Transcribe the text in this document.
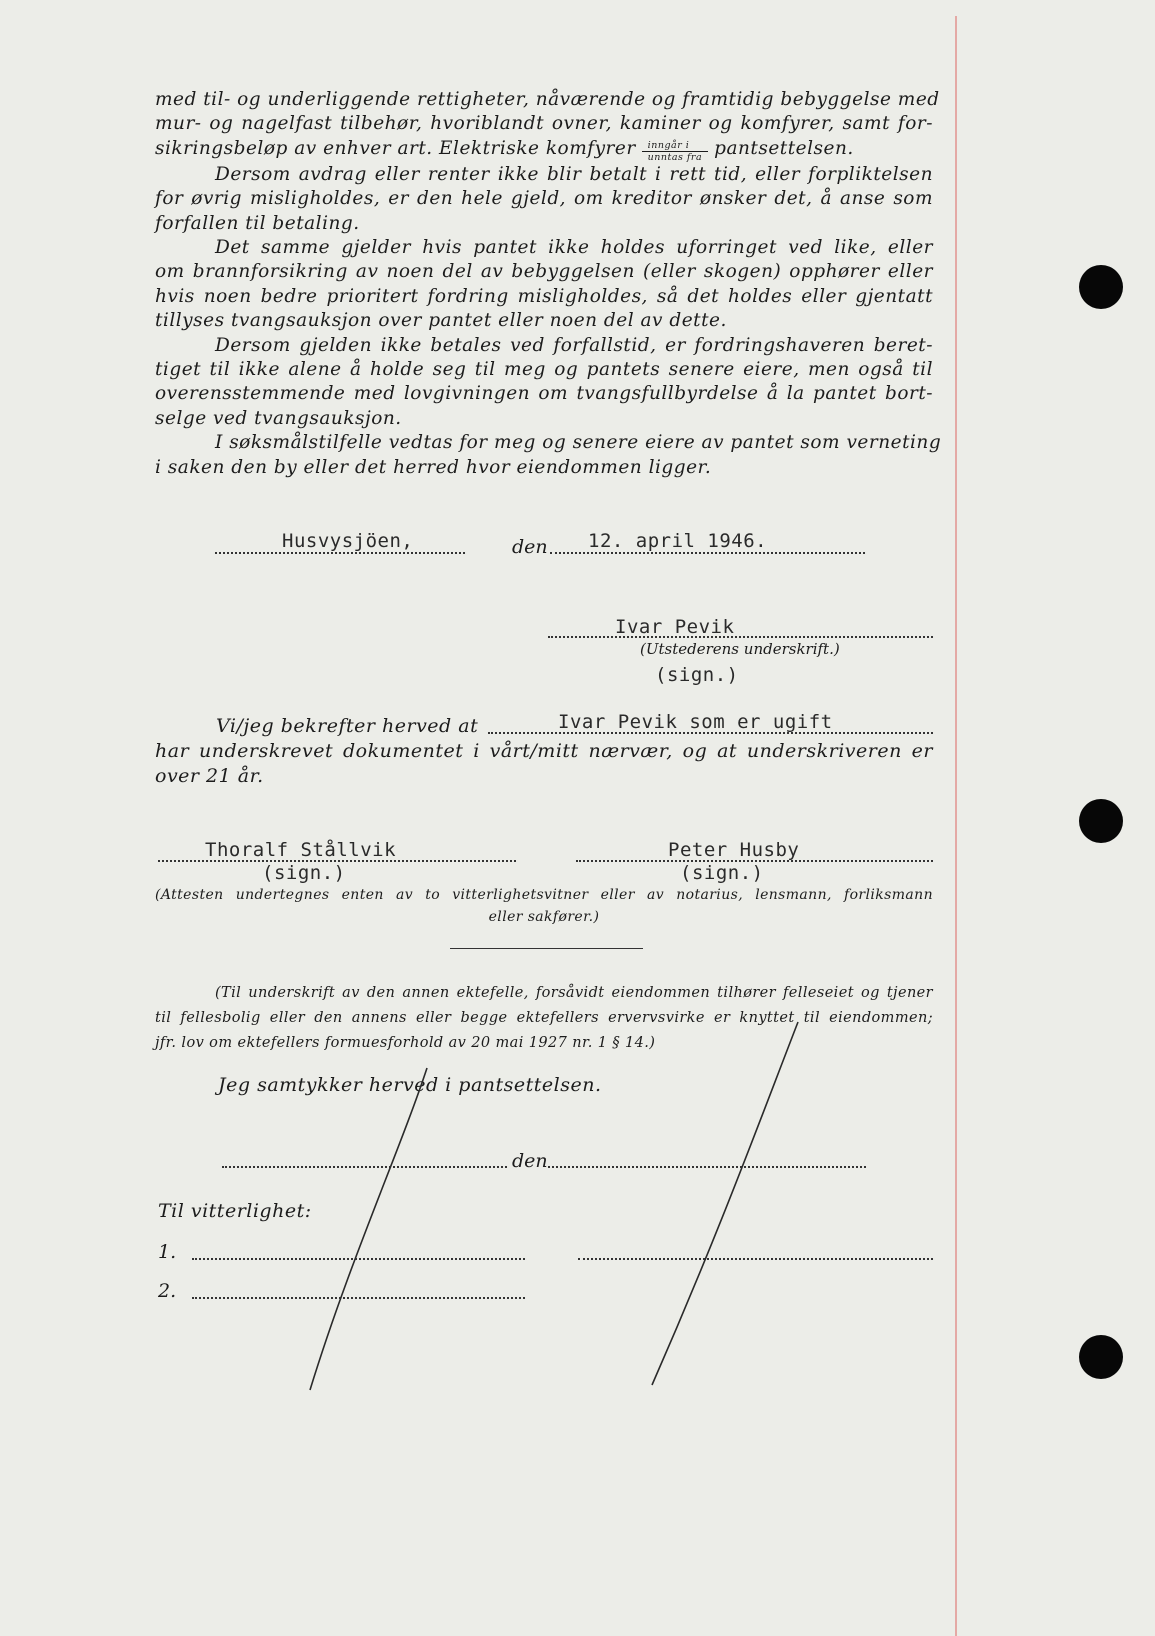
med til- og underliggende rettigheter, nåværende og framtidig bebyggelse med
mur- og nagelfast tilbehør, hvoriblandt ovner, kaminer og komfyrer, samt for-
sikringsbeløp av enhver art. Elektriske komfyrer $\frac{\text{inngår i}}{\text{unntas fra}}$ pantsettelsen.
Dersom avdrag eller renter ikke blir betalt i rett tid, eller forpliktelsen
for øvrig misligholdes, er den hele gjeld, om kreditor ønsker det, å anse som
forfallen til betaling.
Det samme gjelder hvis pantet ikke holdes uforringet ved like, eller
om brannforsikring av noen del av bebyggelsen (eller skogen) opphører eller
hvis noen bedre prioritert fordring misligholdes, så det holdes eller gjentatt
tillyses tvangsauksjon over pantet eller noen del av dette.
Dersom gjelden ikke betales ved forfallstid, er fordringshaveren beret-
tiget til ikke alene å holde seg til meg og pantets senere eiere, men også til
overensstemmende med lovgivningen om tvangsfullbyrdelse å la pantet bort-
selge ved tvangsauksjon.
I søksmålstilfelle vedtas for meg og senere eiere av pantet som verneting
i saken den by eller det herred hvor eiendommen ligger.
Husvysjöen,	den 12. april 1946.
Ivar Pevik
(Utstederens underskrift.)
(sign.)
Vi/jeg bekrefter herved at	Ivar Pevik som er ugift
har underskrevet dokumentet i vårt/mitt nærvær, og at underskriveren er
over 21 år.
Thoralf Stållvik
(sign.)
Peter Husby
(sign.)
(Attesten undertegnes enten av to vitterlighetsvitner eller av notarius, lensmann, forliksmann
eller sakfører.)
(Til underskrift av den annen ektefelle, forsåvidt eiendommen tilhører felleseiet og tjener
til fellesbolig eller den annens eller begge ektefellers ervervsvirke er knyttet til eiendommen;
jfr. lov om ektefellers formuesforhold av 20 mai 1927 nr. 1 § 14.)
Jeg samtykker herved i pantsettelsen.
den
Til vitterlighet:
1.
2.
